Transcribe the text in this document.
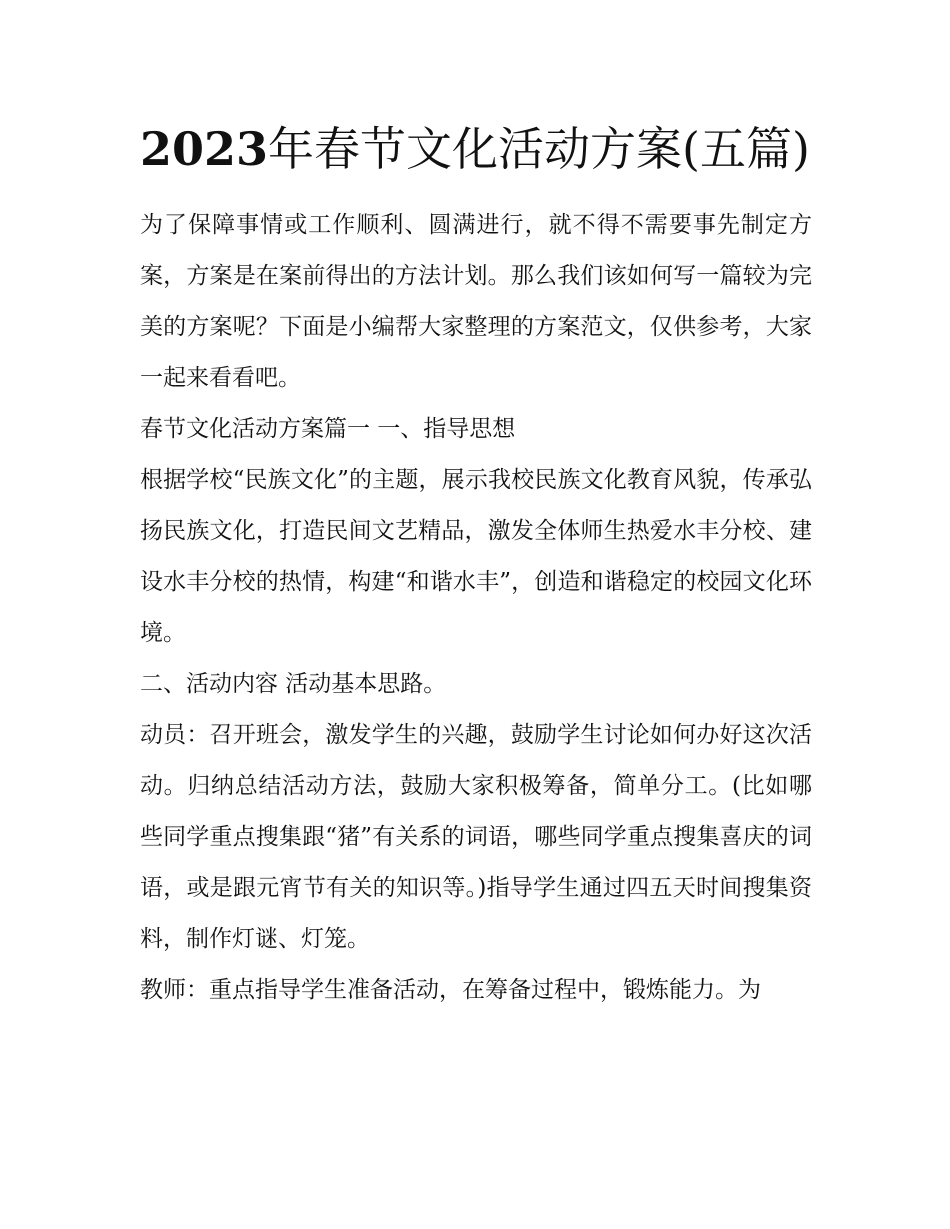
2023年春节文化活动方案(五篇)

为了保障事情或工作顺利、圆满进行，就不得不需要事先制定方案，方案是在案前得出的方法计划。那么我们该如何写一篇较为完美的方案呢？下面是小编帮大家整理的方案范文，仅供参考，大家一起来看看吧。

春节文化活动方案篇一 一、指导思想

根据学校“民族文化”的主题，展示我校民族文化教育风貌，传承弘扬民族文化，打造民间文艺精品，激发全体师生热爱水丰分校、建设水丰分校的热情，构建“和谐水丰”，创造和谐稳定的校园文化环境。

二、活动内容 活动基本思路。

动员：召开班会，激发学生的兴趣，鼓励学生讨论如何办好这次活动。归纳总结活动方法，鼓励大家积极筹备，简单分工。(比如哪些同学重点搜集跟“猪”有关系的词语，哪些同学重点搜集喜庆的词语，或是跟元宵节有关的知识等。)指导学生通过四五天时间搜集资料，制作灯谜、灯笼。

教师：重点指导学生准备活动，在筹备过程中，锻炼能力。为
